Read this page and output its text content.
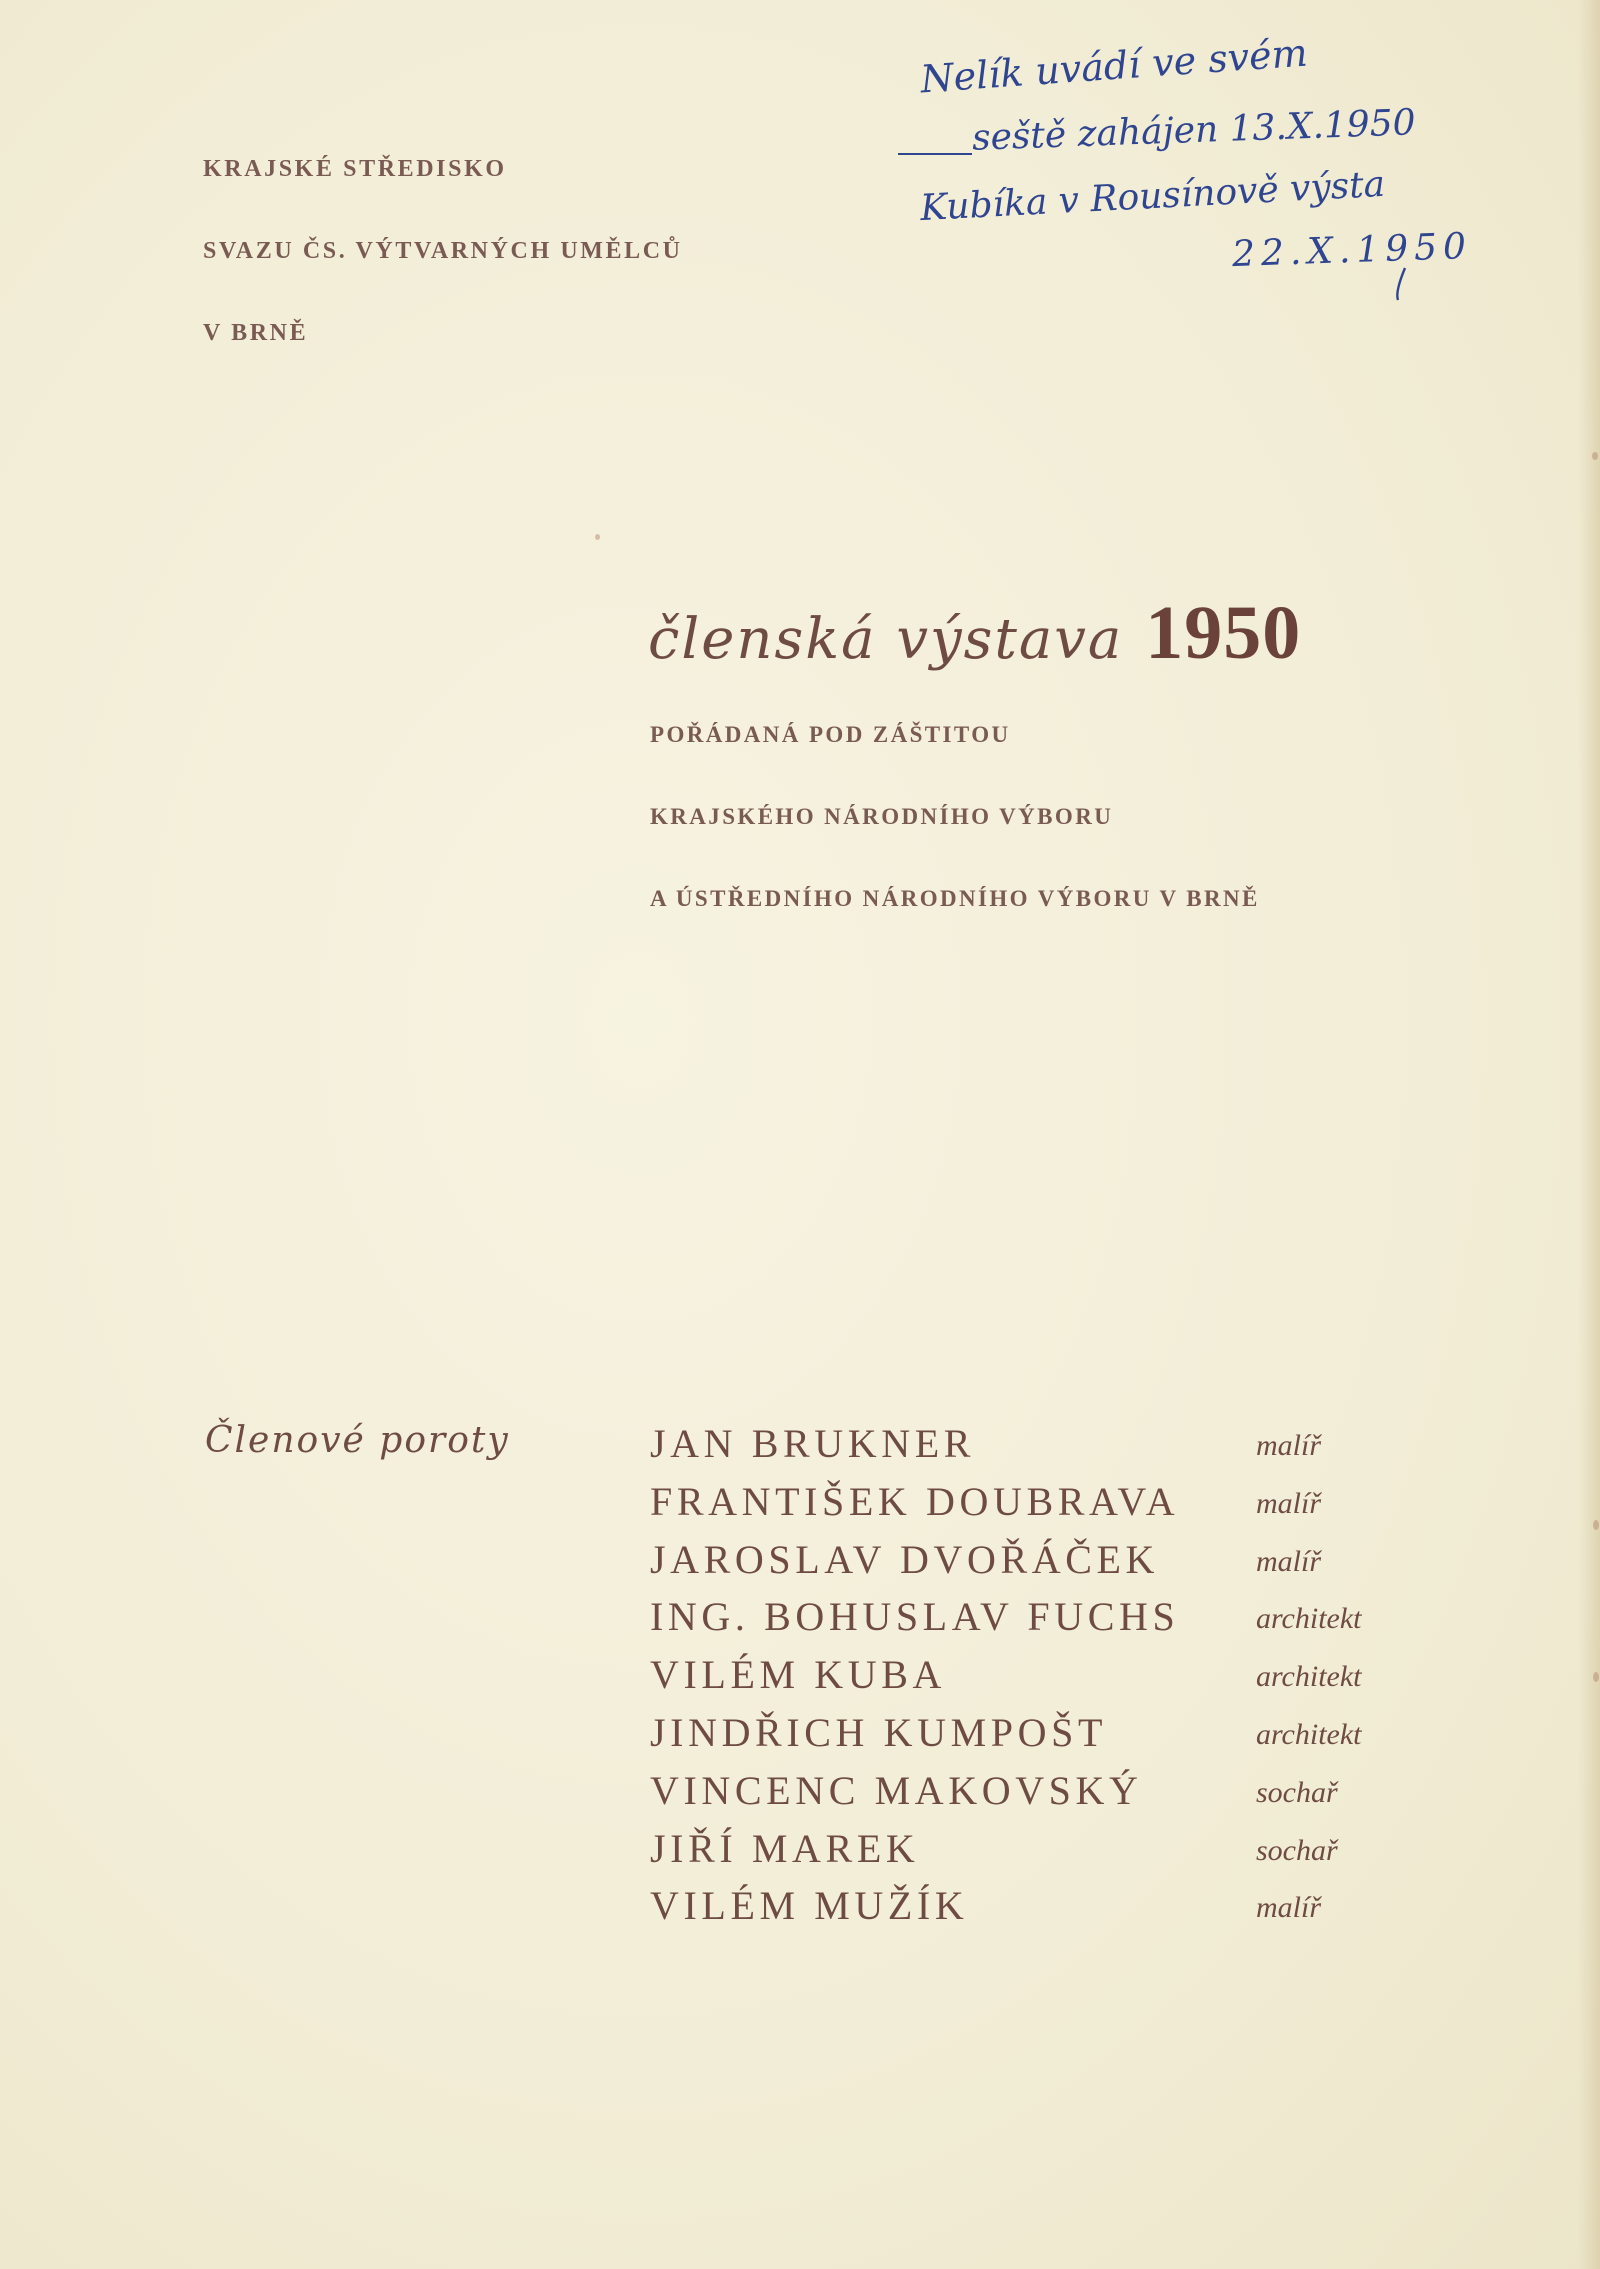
KRAJSKÉ STŘEDISKO
SVAZU ČS. VÝTVARNÝCH UMĚLCŮ
V BRNĚ
Nelík uvádí ve svém
seště zahájen 13.X.1950
Kubíka v Rousínově výsta
22.X.1950
členská výstava 1950
POŘÁDANÁ POD ZÁŠTITOU
KRAJSKÉHO NÁRODNÍHO VÝBORU
A ÚSTŘEDNÍHO NÁRODNÍHO VÝBORU V BRNĚ
Členové poroty	JAN BRUKNER	malíř
FRANTIŠEK DOUBRAVA	malíř
JAROSLAV DVOŘÁČEK	malíř
ING. BOHUSLAV FUCHS	architekt
VILÉM KUBA	architekt
JINDŘICH KUMPOŠT	architekt
VINCENC MAKOVSKÝ	sochař
JIŘÍ MAREK	sochař
VILÉM MUŽÍK	malíř
